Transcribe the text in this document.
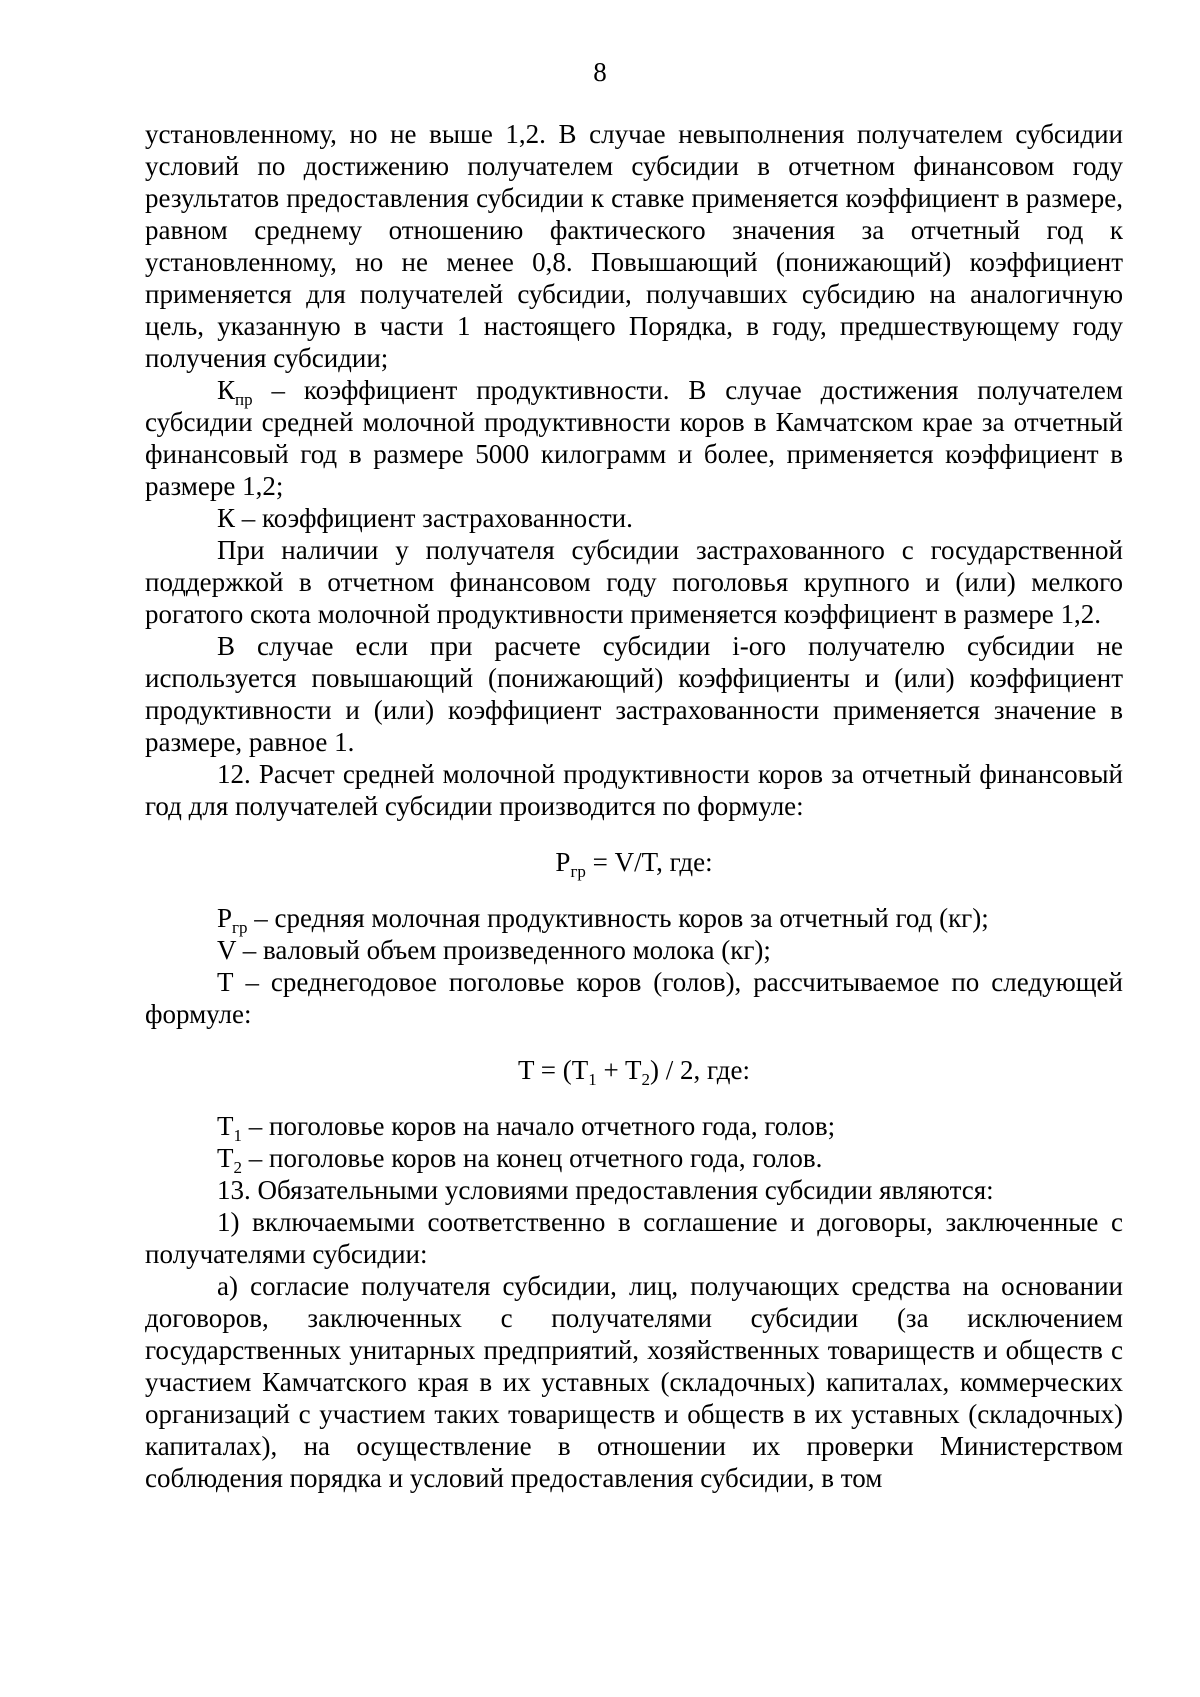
8

установленному, но не выше 1,2. В случае невыполнения получателем субсидии условий по достижению получателем субсидии в отчетном финансовом году результатов предоставления субсидии к ставке применяется коэффициент в размере, равном среднему отношению фактического значения за отчетный год к установленному, но не менее 0,8. Повышающий (понижающий) коэффициент применяется для получателей субсидии, получавших субсидию на аналогичную цель, указанную в части 1 настоящего Порядка, в году, предшествующему году получения субсидии;

$К_{пр}$ – коэффициент продуктивности. В случае достижения получателем субсидии средней молочной продуктивности коров в Камчатском крае за отчетный финансовый год в размере 5000 килограмм и более, применяется коэффициент в размере 1,2;

К – коэффициент застрахованности.

При наличии у получателя субсидии застрахованного с государственной поддержкой в отчетном финансовом году поголовья крупного и (или) мелкого рогатого скота молочной продуктивности применяется коэффициент в размере 1,2.

В случае если при расчете субсидии i-ого получателю субсидии не используется повышающий (понижающий) коэффициенты и (или) коэффициент продуктивности и (или) коэффициент застрахованности применяется значение в размере, равное 1.

12. Расчет средней молочной продуктивности коров за отчетный финансовый год для получателей субсидии производится по формуле:

$P_{гр} = V/T$, где:

$Р_{гр}$ – средняя молочная продуктивность коров за отчетный год (кг);

V – валовый объем произведенного молока (кг);

Т – среднегодовое поголовье коров (голов), рассчитываемое по следующей формуле:

$T = (T_1 + T_2) / 2$, где:

$Т_1$ – поголовье коров на начало отчетного года, голов;

$Т_2$ – поголовье коров на конец отчетного года, голов.

13. Обязательными условиями предоставления субсидии являются:

1) включаемыми соответственно в соглашение и договоры, заключенные с получателями субсидии:

а) согласие получателя субсидии, лиц, получающих средства на основании договоров, заключенных с получателями субсидии (за исключением государственных унитарных предприятий, хозяйственных товариществ и обществ с участием Камчатского края в их уставных (складочных) капиталах, коммерческих организаций с участием таких товариществ и обществ в их уставных (складочных) капиталах), на осуществление в отношении их проверки Министерством соблюдения порядка и условий предоставления субсидии, в том
